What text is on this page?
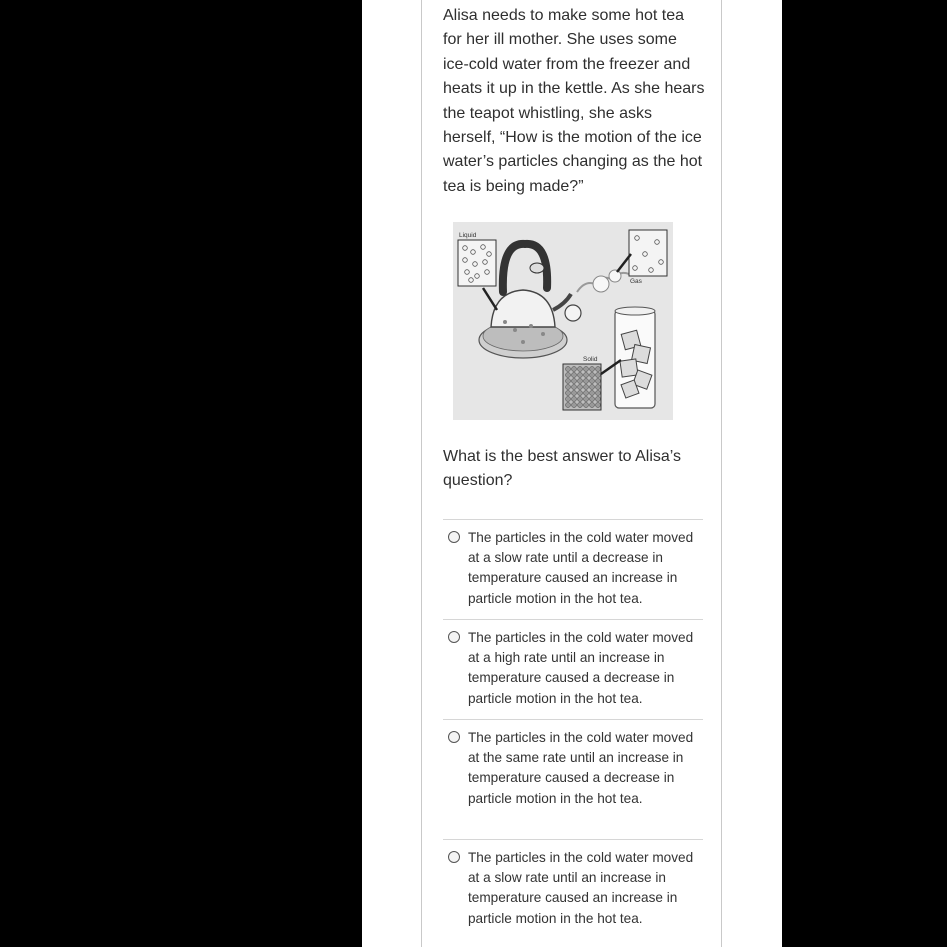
Alisa needs to make some hot tea for her ill mother. She uses some ice-cold water from the freezer and heats it up in the kettle. As she hears the teapot whistling, she asks herself, “How is the motion of the ice water’s particles changing as the hot tea is being made?”

Liquid
Gas
Solid

What is the best answer to Alisa’s question?

The particles in the cold water moved at a slow rate until a decrease in temperature caused an increase in particle motion in the hot tea.
The particles in the cold water moved at a high rate until an increase in temperature caused a decrease in particle motion in the hot tea.
The particles in the cold water moved at the same rate until an increase in temperature caused a decrease in particle motion in the hot tea.
The particles in the cold water moved at a slow rate until an increase in temperature caused an increase in particle motion in the hot tea.
